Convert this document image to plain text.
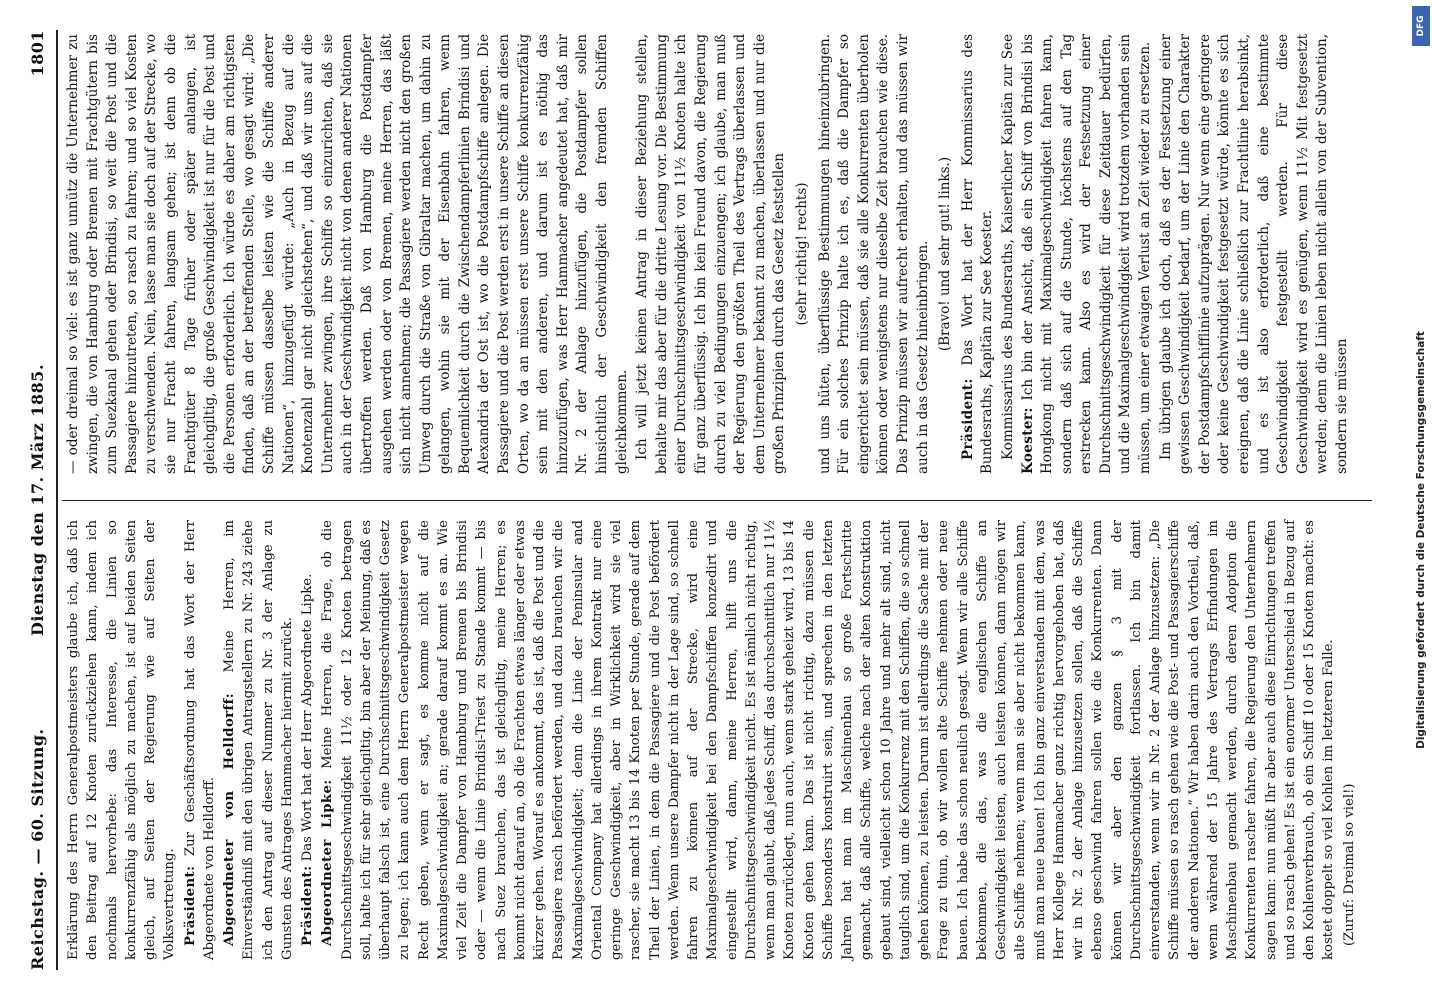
Reichstag. — 60. Sitzung.
Dienstag den 17. März 1885.
1801

Erklärung des Herrn Generalpostmeisters glaube ich, daß ich den Beitrag auf 12 Knoten zurückziehen kann, indem ich nochmals hervorhebe: das Interesse, die Linien so konkurrenzfähig als möglich zu machen, ist auf beiden Seiten gleich, auf Seiten der Regierung wie auf Seiten der Volksvertretung. Präsident: Zur Geschäftsordnung hat das Wort der Herr Abgeordnete von Helldorff. Abgeordneter von Helldorff: Meine Herren, im Einverständniß mit den übrigen Antragstellern zu Nr. 243 ziehe ich den Antrag auf dieser Nummer zu Nr. 3 der Anlage zu Gunsten des Antrages Hammacher hiermit zurück. Präsident: Das Wort hat der Herr Abgeordnete Lipke. Abgeordneter Lipke: Meine Herren, die Frage, ob die Durchschnittsgeschwindigkeit 11½ oder 12 Knoten betragen soll, halte ich für sehr gleichgiltig, bin aber der Meinung, daß es überhaupt falsch ist, eine Durchschnittsgeschwindigkeit Gesetz zu legen; ich kann auch dem Herrn Generalpostmeister wegen Recht geben, wenn er sagt, es komme nicht auf die Maximalgeschwindigkeit an; gerade darauf kommt es an. Wie viel Zeit die Dampfer von Hamburg und Bremen bis Brindisi oder — wenn die Linie Brindisi-Triest zu Stande kommt — bis nach Suez brauchen, das ist gleichgiltig, meine Herren; es kommt nicht darauf an, ob die Frachten etwas länger oder etwas kürzer gehen. Worauf es ankommt, das ist, daß die Post und die Passagiere rasch befördert werden, und dazu brauchen wir die Maximalgeschwindigkeit; denn die Linie der Peninsular and Oriental Company hat allerdings in ihrem Kontrakt nur eine geringe Geschwindigkeit, aber in Wirklichkeit wird sie viel rascher, sie macht 13 bis 14 Knoten per Stunde, gerade auf dem Theil der Linien, in dem die Passagiere und die Post befördert werden. Wenn unsere Dampfer nicht in der Lage sind, so schnell fahren zu können auf der Strecke, wird eine Maximalgeschwindigkeit bei den Dampfschiffen konzedirt und eingestellt wird, dann, meine Herren, hilft uns die Durchschnittsgeschwindigkeit nicht. Es ist nämlich nicht richtig, wenn man glaubt, daß jedes Schiff, das durchschnittlich nur 11½ Knoten zurücklegt, nun auch, wenn stark geheizt wird, 13 bis 14 Knoten gehen kann. Das ist nicht richtig, dazu müssen die Schiffe besonders konstruirt sein, und sprechen in den letzten Jahren hat man im Maschinenbau so große Fortschritte gemacht, daß alle Schiffe, welche nach der alten Konstruktion gebaut sind, vielleicht schon 10 Jahre und mehr alt sind, nicht tauglich sind, um die Konkurrenz mit den Schiffen, die so schnell gehen können, zu leisten. Darum ist allerdings die Sache mit der Frage zu thun, ob wir wollen alte Schiffe nehmen oder neue bauen. Ich habe das schon neulich gesagt. Wenn wir alle Schiffe bekommen, die das, was die englischen Schiffe an Geschwindigkeit leisten, auch leisten können, dann mögen wir alte Schiffe nehmen; wenn man sie aber nicht bekommen kann, muß man neue bauen! Ich bin ganz einverstanden mit dem, was Herr Kollege Hammacher ganz richtig hervorgehoben hat, daß wir in Nr. 2 der Anlage hinzusetzen sollen, daß die Schiffe ebenso geschwind fahren sollen wie die Konkurrenten. Dann können wir aber den ganzen § 3 mit der Durchschnittsgeschwindigkeit fortlassen. Ich bin damit einverstanden, wenn wir in Nr. 2 der Anlage hinzusetzen: „Die Schiffe müssen so rasch gehen wie die Post- und Passagierschiffe der anderen Nationen.“ Wir haben darin auch den Vortheil, daß, wenn während der 15 Jahre des Vertrags Erfindungen im Maschinenbau gemacht werden, durch deren Adoption die Konkurrenten rascher fahren, die Regierung den Unternehmern sagen kann: nun müßt Ihr aber auch diese Einrichtungen treffen und so rasch gehen! Es ist ein enormer Unterschied in Bezug auf den Kohlenverbrauch, ob ein Schiff 10 oder 15 Knoten macht: es kostet doppelt so viel Kohlen im letzteren Falle. (Zuruf: Dreimal so viel!)

— oder dreimal so viel: es ist ganz unnütz die Unternehmer zu zwingen, die von Hamburg oder Bremen mit Frachtgütern bis zum Suezkanal gehen oder Brindisi, so weit die Post und die Passagiere hinzutreten, so rasch zu fahren; und so viel Kosten zu verschwenden. Nein, lasse man sie doch auf der Strecke, wo sie nur Fracht fahren, langsam gehen; ist denn ob die Frachtgüter 8 Tage früher oder später anlangen, ist gleichgiltig, die große Geschwindigkeit ist nur für die Post und die Personen erforderlich. Ich würde es daher am richtigsten finden, daß an der betreffenden Stelle, wo gesagt wird: „Die Schiffe müssen dasselbe leisten wie die Schiffe anderer Nationen“, hinzugefügt würde: „Auch in Bezug auf die Knotenzahl gar nicht gleichstehen“, und daß wir uns auf die Unternehmer zwingen, ihre Schiffe so einzurichten, daß sie auch in der Geschwindigkeit nicht von denen anderer Nationen übertroffen werden. Daß von Hamburg die Postdampfer ausgehen werden oder von Bremen, meine Herren, das läßt sich nicht annehmen; die Passagiere werden nicht den großen Umweg durch die Straße von Gibraltar machen, um dahin zu gelangen, wohin sie mit der Eisenbahn fahren, wenn Bequemlichkeit durch die Zwischendampferlinien Brindisi und Alexandria der Ost ist, wo die Postdampfschiffe anlegen. Die Passagiere und die Post werden erst in unsere Schiffe an diesen Orten, wo da an müssen erst unsere Schiffe konkurrenzfähig sein mit den anderen, und darum ist es nöthig das hinzuzufügen, was Herr Hammacher angedeutet hat, daß mir Nr. 2 der Anlage hinzufügen, die Postdampfer sollen hinsichtlich der Geschwindigkeit den fremden Schiffen gleichkommen. Ich will jetzt keinen Antrag in dieser Beziehung stellen, behalte mir das aber für die dritte Lesung vor. Die Bestimmung einer Durchschnittsgeschwindigkeit von 11½ Knoten halte ich für ganz überflüssig. Ich bin kein Freund davon, die Regierung durch zu viel Bedingungen einzuengen; ich glaube, man muß der Regierung den größten Theil des Vertrags überlassen und dem Unternehmer bekannt zu machen, überlassen und nur die großen Prinzipien durch das Gesetz feststellen (sehr richtig! rechts) und uns hüten, überflüssige Bestimmungen hineinzubringen. Für ein solches Prinzip halte ich es, daß die Dampfer so eingerichtet sein müssen, daß sie alle Konkurrenten überholen können oder wenigstens nur dieselbe Zeit brauchen wie diese. Das Prinzip müssen wir aufrecht erhalten, und das müssen wir auch in das Gesetz hineinbringen. (Bravo! und sehr gut! links.)

Präsident: Das Wort hat der Herr Kommissarius des Bundesraths, Kapitän zur See Koester. Kommissarius des Bundesraths, Kaiserlicher Kapitän zur See Koester: Ich bin der Ansicht, daß ein Schiff von Brindisi bis Hongkong nicht mit Maximalgeschwindigkeit fahren kann, sondern daß sich auf die Stunde, höchstens auf den Tag erstrecken kann. Also es wird der Festsetzung einer Durchschnittsgeschwindigkeit für diese Zeitdauer bedürfen, und die Maximalgeschwindigkeit wird trotzdem vorhanden sein müssen, um einer etwaigen Verlust an Zeit wieder zu ersetzen. Im übrigen glaube ich doch, daß es der Festsetzung einer gewissen Geschwindigkeit bedarf, um der Linie den Charakter der Postdampfschifflinie aufzuprägen. Nur wenn eine geringere oder keine Geschwindigkeit festgesetzt würde, könnte es sich ereignen, daß die Linie schließlich zur Frachtlinie herabsinkt, und es ist also erforderlich, daß eine bestimmte Geschwindigkeit festgestellt werden. Für diese Geschwindigkeit wird es genügen, wenn 11½ Mit festgesetzt werden; denn die Linien leben nicht allein von der Subvention, sondern sie müssen

DFG
Digitalisierung gefördert durch die Deutsche Forschungsgemeinschaft
